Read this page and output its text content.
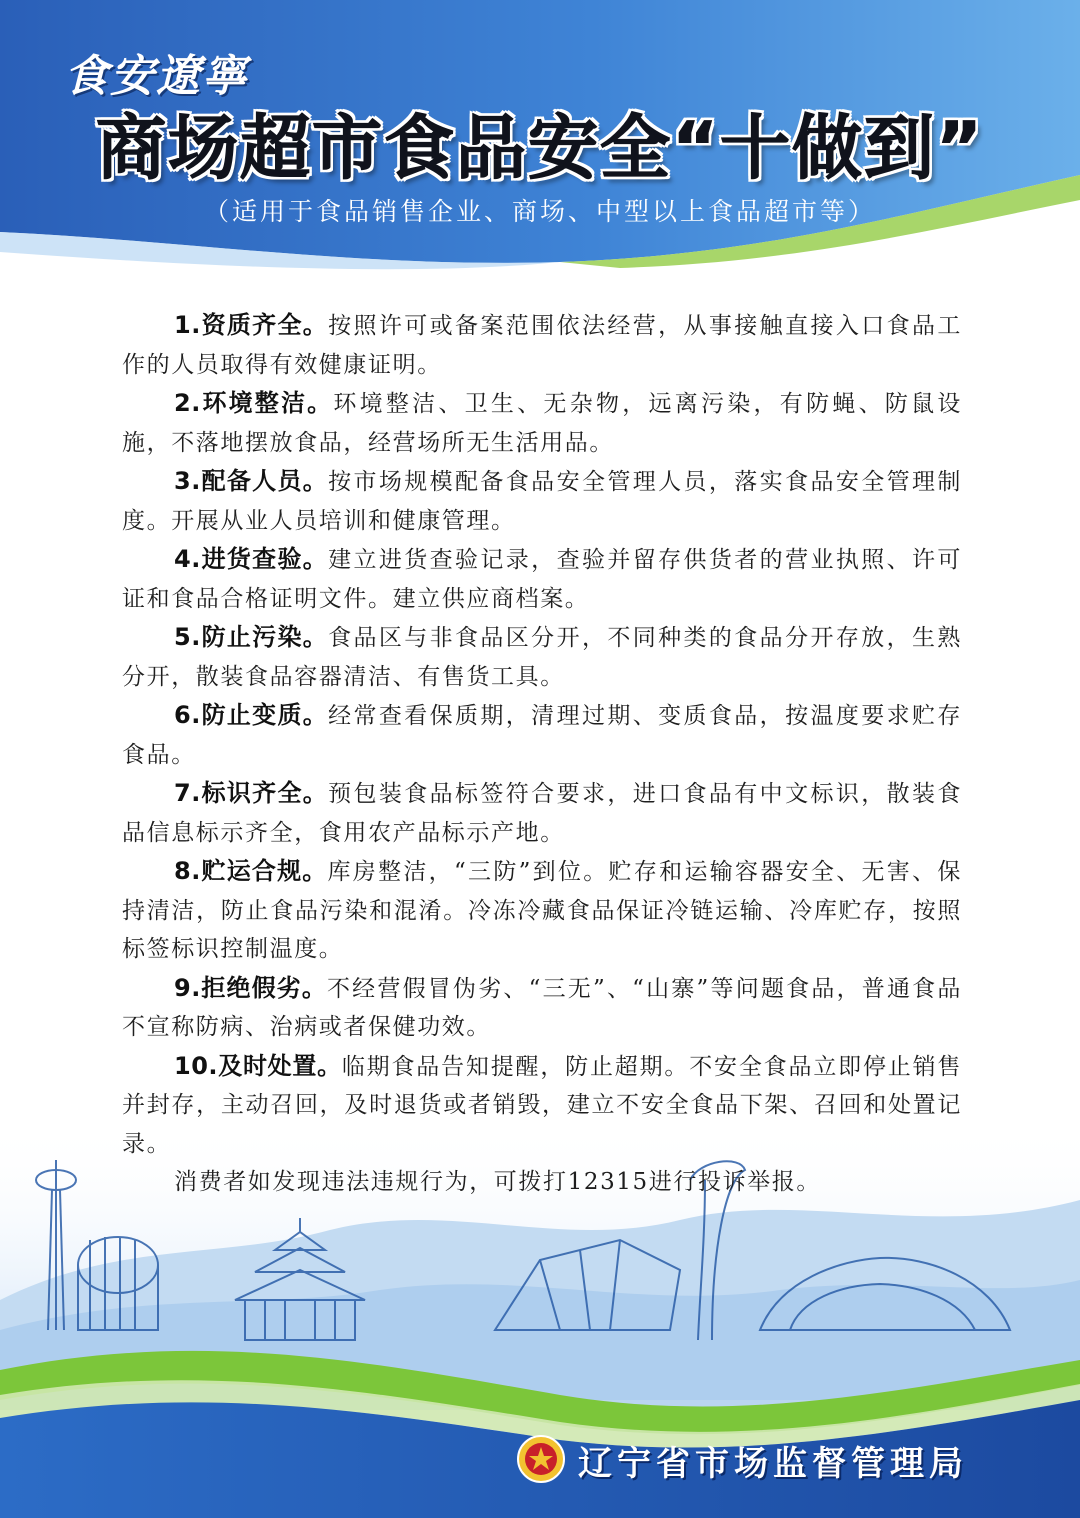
食安遼寧
商场超市食品安全“十做到”
（适用于食品销售企业、商场、中型以上食品超市等）

1.资质齐全。按照许可或备案范围依法经营，从事接触直接入口食品工作的人员取得有效健康证明。

2.环境整洁。环境整洁、卫生、无杂物，远离污染，有防蝇、防鼠设施，不落地摆放食品，经营场所无生活用品。

3.配备人员。按市场规模配备食品安全管理人员，落实食品安全管理制度。开展从业人员培训和健康管理。

4.进货查验。建立进货查验记录，查验并留存供货者的营业执照、许可证和食品合格证明文件。建立供应商档案。

5.防止污染。食品区与非食品区分开，不同种类的食品分开存放，生熟分开，散装食品容器清洁、有售货工具。

6.防止变质。经常查看保质期，清理过期、变质食品，按温度要求贮存食品。

7.标识齐全。预包装食品标签符合要求，进口食品有中文标识，散装食品信息标示齐全，食用农产品标示产地。

8.贮运合规。库房整洁，“三防”到位。贮存和运输容器安全、无害、保持清洁，防止食品污染和混淆。冷冻冷藏食品保证冷链运输、冷库贮存，按照标签标识控制温度。

9.拒绝假劣。不经营假冒伪劣、“三无”、“山寨”等问题食品，普通食品不宣称防病、治病或者保健功效。

10.及时处置。临期食品告知提醒，防止超期。不安全食品立即停止销售并封存，主动召回，及时退货或者销毁，建立不安全食品下架、召回和处置记录。

消费者如发现违法违规行为，可拨打12315进行投诉举报。

辽宁省市场监督管理局
